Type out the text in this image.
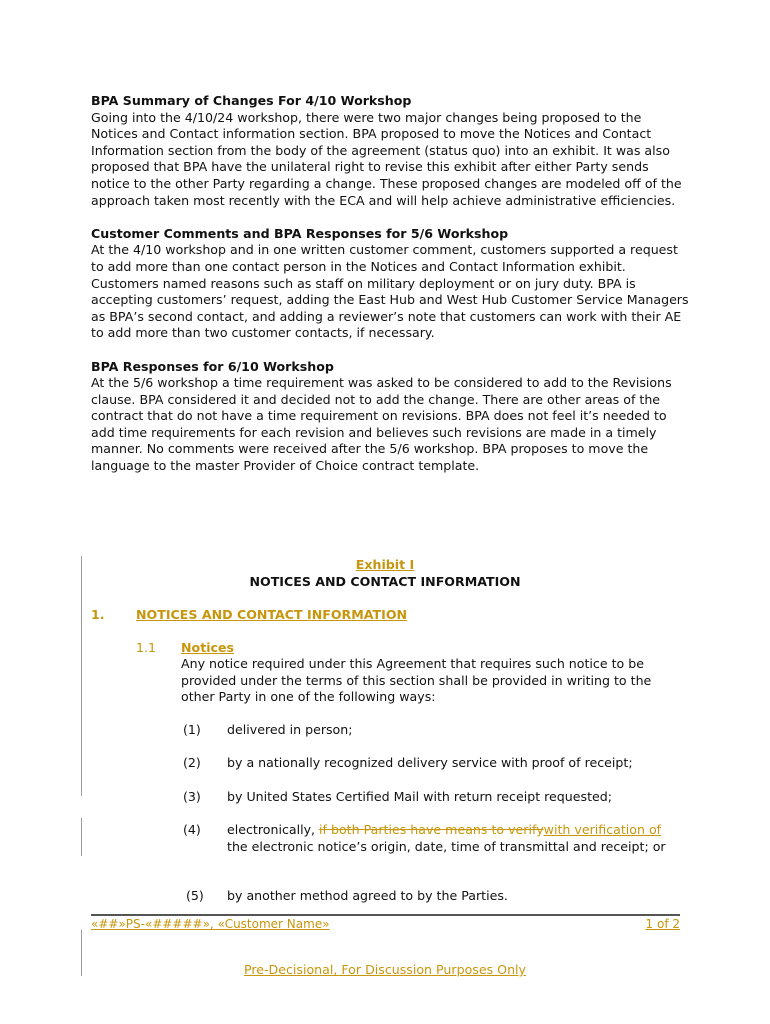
BPA Summary of Changes For 4/10 Workshop

Going into the 4/10/24 workshop, there were two major changes being proposed to the Notices and Contact information section. BPA proposed to move the Notices and Contact Information section from the body of the agreement (status quo) into an exhibit. It was also proposed that BPA have the unilateral right to revise this exhibit after either Party sends notice to the other Party regarding a change. These proposed changes are modeled off of the approach taken most recently with the ECA and will help achieve administrative efficiencies.

Customer Comments and BPA Responses for 5/6 Workshop

At the 4/10 workshop and in one written customer comment, customers supported a request to add more than one contact person in the Notices and Contact Information exhibit. Customers named reasons such as staff on military deployment or on jury duty. BPA is accepting customers’ request, adding the East Hub and West Hub Customer Service Managers as BPA’s second contact, and adding a reviewer’s note that customers can work with their AE to add more than two customer contacts, if necessary.

BPA Responses for 6/10 Workshop

At the 5/6 workshop a time requirement was asked to be considered to add to the Revisions clause. BPA considered it and decided not to add the change. There are other areas of the contract that do not have a time requirement on revisions. BPA does not feel it’s needed to add time requirements for each revision and believes such revisions are made in a timely manner. No comments were received after the 5/6 workshop. BPA proposes to move the language to the master Provider of Choice contract template.

Exhibit I
NOTICES AND CONTACT INFORMATION
1. NOTICES AND CONTACT INFORMATION
1.1 Notices
Any notice required under this Agreement that requires such notice to be provided under the terms of this section shall be provided in writing to the other Party in one of the following ways:
(1) delivered in person;
(2) by a nationally recognized delivery service with proof of receipt;
(3) by United States Certified Mail with return receipt requested;
(4) electronically, if both Parties have means to verifywith verification of the electronic notice’s origin, date, time of transmittal and receipt; or
(5) by another method agreed to by the Parties.
«##»PS-«#####», «Customer Name»	1 of 2
Pre-Decisional, For Discussion Purposes Only
